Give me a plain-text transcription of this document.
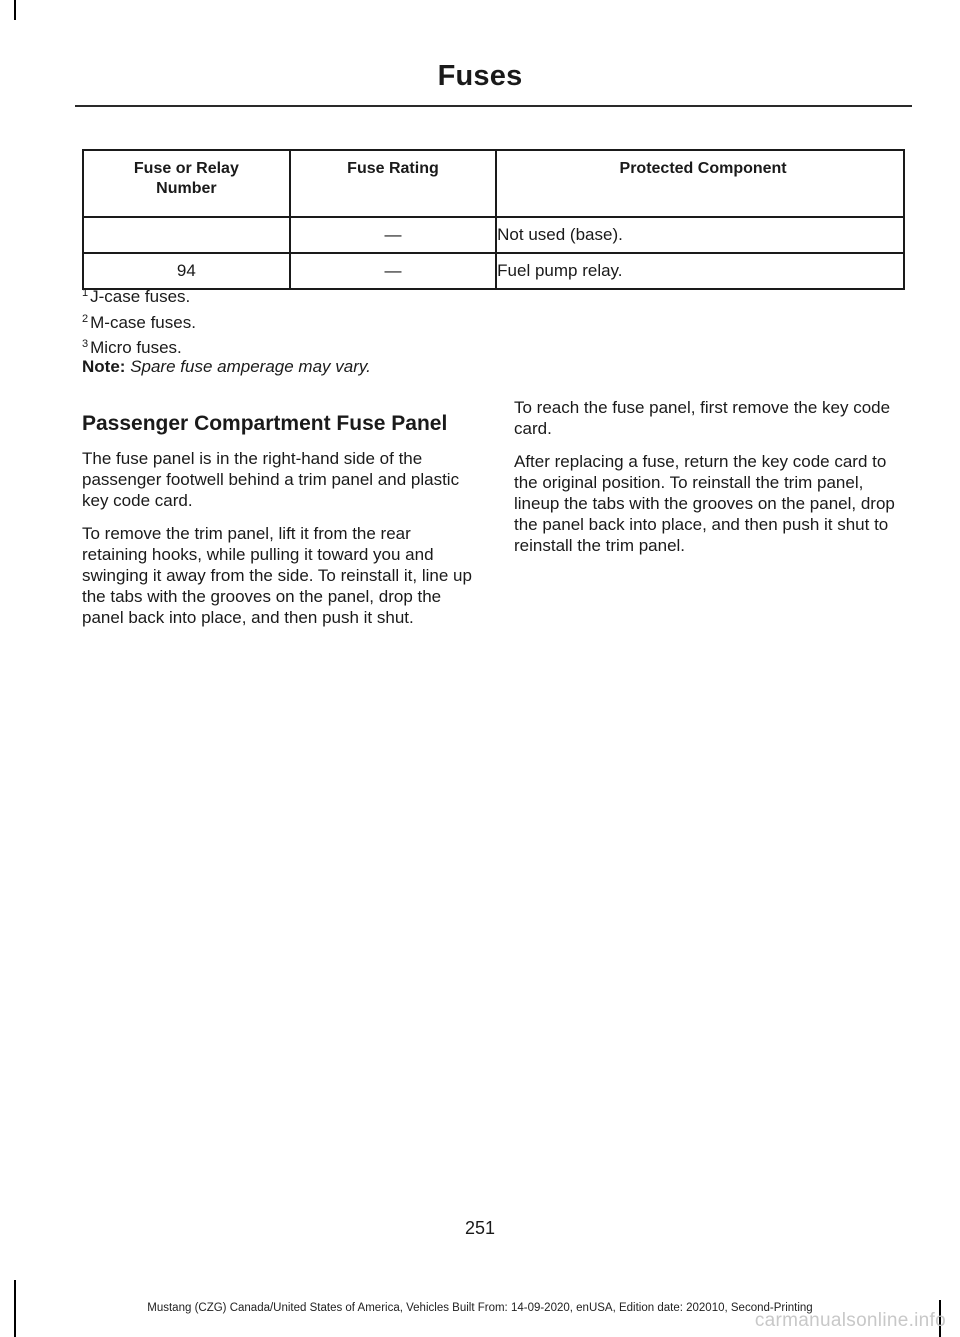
Fuses
Fuse or Relay Number	Fuse Rating	Protected Component
	—	Not used (base).
94	—	Fuel pump relay.
$^1$ J-case fuses.
$^2$ M-case fuses.
$^3$ Micro fuses.
Note: Spare fuse amperage may vary.
Passenger Compartment Fuse Panel

The fuse panel is in the right-hand side of the passenger footwell behind a trim panel and plastic key code card.

To remove the trim panel, lift it from the rear retaining hooks, while pulling it toward you and swinging it away from the side. To reinstall it, line up the tabs with the grooves on the panel, drop the panel back into place, and then push it shut.

To reach the fuse panel, first remove the key code card.

After replacing a fuse, return the key code card to the original position. To reinstall the trim panel, lineup the tabs with the grooves on the panel, drop the panel back into place, and then push it shut to reinstall the trim panel.

251
Mustang (CZG) Canada/United States of America, Vehicles Built From: 14-09-2020, enUSA, Edition date: 202010, Second-Printing
carmanualsonline.info
